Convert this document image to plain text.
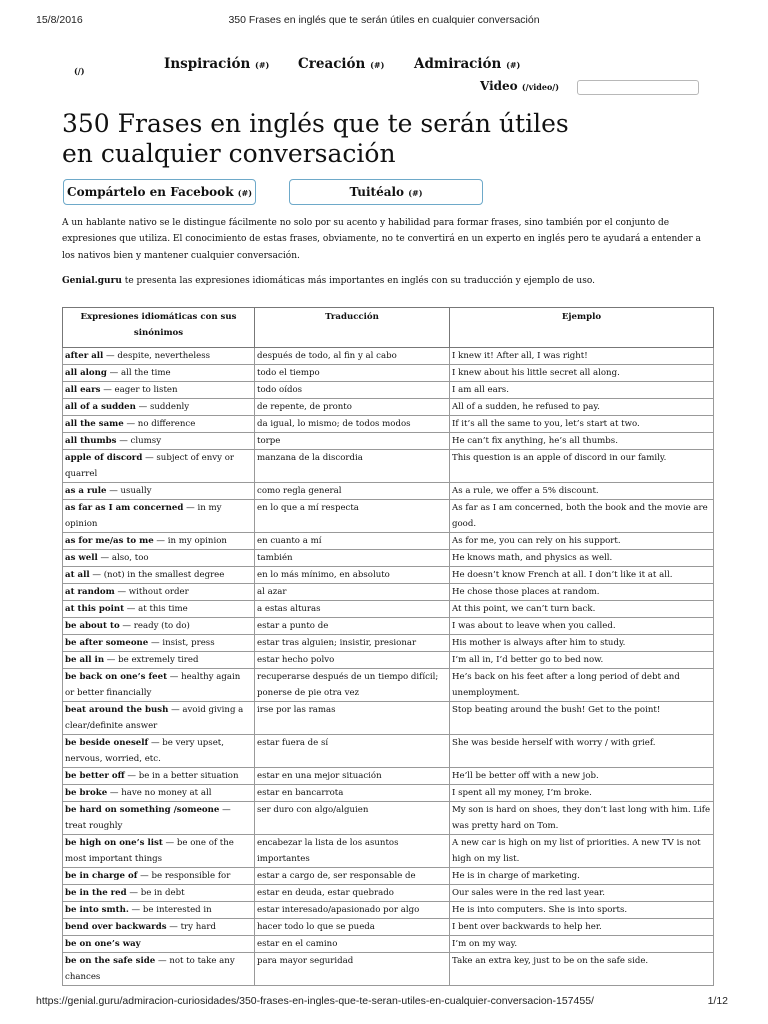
15/8/2016	350 Frases en inglés que te serán útiles en cualquier conversación
(/)	Inspiración (#) Creación (#) Admiración (#)
Video (/video/)
350 Frases en inglés que te serán útiles
en cualquier conversación
Compártelo en Facebook (#)	Tuitéalo (#)

A un hablante nativo se le distingue fácilmente no solo por su acento y habilidad para formar frases, sino también por el conjunto de expresiones que utiliza. El conocimiento de estas frases, obviamente, no te convertirá en un experto en inglés pero te ayudará a entender a los nativos bien y mantener cualquier conversación.

Genial.guru te presenta las expresiones idiomáticas más importantes en inglés con su traducción y ejemplo de uso.

Expresiones idiomáticas con sus sinónimos	Traducción	Ejemplo
after all — despite, nevertheless	después de todo, al fin y al cabo	I knew it! After all, I was right!
all along — all the time	todo el tiempo	I knew about his little secret all along.
all ears — eager to listen	todo oídos	I am all ears.
all of a sudden — suddenly	de repente, de pronto	All of a sudden, he refused to pay.
all the same — no difference	da igual, lo mismo; de todos modos	If it’s all the same to you, let’s start at two.
all thumbs — clumsy	torpe	He can’t fix anything, he’s all thumbs.
apple of discord — subject of envy or quarrel	manzana de la discordia	This question is an apple of discord in our family.
as a rule — usually	como regla general	As a rule, we offer a 5% discount.
as far as I am concerned — in my opinion	en lo que a mí respecta	As far as I am concerned, both the book and the movie are good.
as for me/as to me — in my opinion	en cuanto a mí	As for me, you can rely on his support.
as well — also, too	también	He knows math, and physics as well.
at all — (not) in the smallest degree	en lo más mínimo, en absoluto	He doesn’t know French at all. I don’t like it at all.
at random — without order	al azar	He chose those places at random.
at this point — at this time	a estas alturas	At this point, we can’t turn back.
be about to — ready (to do)	estar a punto de	I was about to leave when you called.
be after someone — insist, press	estar tras alguien; insistir, presionar	His mother is always after him to study.
be all in — be extremely tired	estar hecho polvo	I’m all in, I’d better go to bed now.
be back on one’s feet — healthy again or better financially	recuperarse después de un tiempo difícil; ponerse de pie otra vez	He’s back on his feet after a long period of debt and unemployment.
beat around the bush — avoid giving a clear/definite answer	irse por las ramas	Stop beating around the bush! Get to the point!
be beside oneself — be very upset, nervous, worried, etc.	estar fuera de sí	She was beside herself with worry / with grief.
be better off — be in a better situation	estar en una mejor situación	He’ll be better off with a new job.
be broke — have no money at all	estar en bancarrota	I spent all my money, I’m broke.
be hard on something /someone — treat roughly	ser duro con algo/alguien	My son is hard on shoes, they don’t last long with him. Life was pretty hard on Tom.
be high on one’s list — be one of the most important things	encabezar la lista de los asuntos importantes	A new car is high on my list of priorities. A new TV is not high on my list.
be in charge of — be responsible for	estar a cargo de, ser responsable de	He is in charge of marketing.
be in the red — be in debt	estar en deuda, estar quebrado	Our sales were in the red last year.
be into smth. — be interested in	estar interesado/apasionado por algo	He is into computers. She is into sports.
bend over backwards — try hard	hacer todo lo que se pueda	I bent over backwards to help her.
be on one’s way	estar en el camino	I’m on my way.
be on the safe side — not to take any chances	para mayor seguridad	Take an extra key, just to be on the safe side.
https://genial.guru/admiracion-curiosidades/350-frases-en-ingles-que-te-seran-utiles-en-cualquier-conversacion-157455/	1/12
